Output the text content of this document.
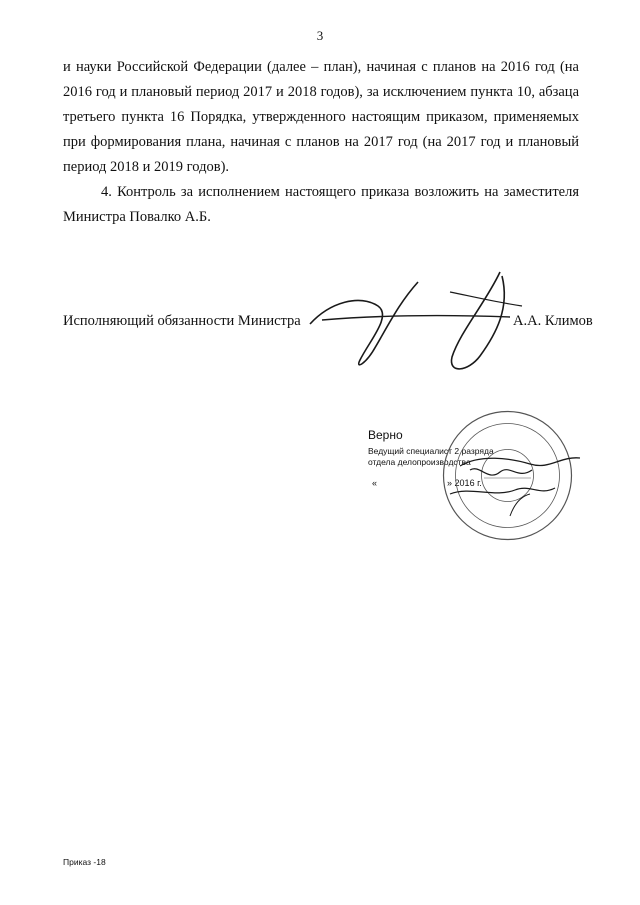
3

и науки Российской Федерации (далее – план), начиная с планов на 2016 год (на 2016 год и плановый период 2017 и 2018 годов), за исключением пункта 10, абзаца третьего пункта 16 Порядка, утвержденного настоящим приказом, применяемых при формирования плана, начиная с планов на 2017 год (на 2017 год и плановый период 2018 и 2019 годов).

4. Контроль за исполнением настоящего приказа возложить на заместителя Министра Повалко А.Б.

Исполняющий обязанности Министра	А.А. Климов
Верно
Ведущий специалист 2 разряда
отдела делопроизводства
«	» 2016 г.
Приказ -18
